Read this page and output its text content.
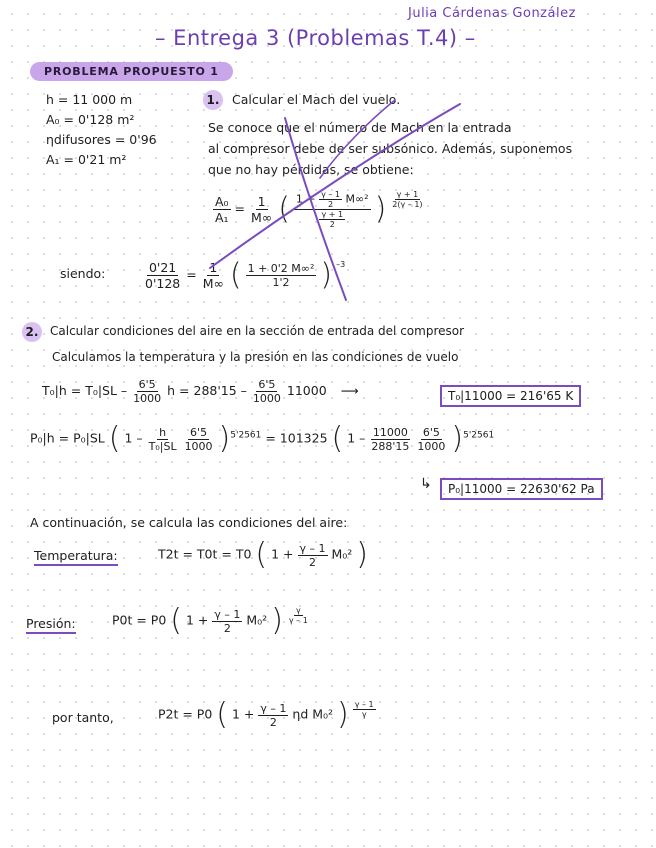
Julia Cárdenas González
– Entrega 3 (Problemas T.4) –
PROBLEMA PROPUESTO 1
h = 11 000 m
A₀ = 0'128 m²
ηdifusores = 0'96
A₁ = 0'21 m²
1. Calcular el Mach del vuelo.
Se conoce que el número de Mach en la entrada
al compresor debe de ser subsónico. Además, suponemos
que no hay pérdidas, se obtiene:
$\frac{\text{A₀}}{\text{A₁}} = \frac{1}{M\infty}$ ( $\frac{1 + \frac{\gamma - 1}{2} M\infty^2}{\frac{\gamma + 1}{2}}$ ) $\frac{\gamma + 1}{2(\gamma - 1)}$
siendo:	$\frac{0'21}{0'128} = \frac{1}{M\infty}$ ( $\frac{\text{1 + 0'2 M∞²}}{1'2}$ ) $^{-3}$
2. Calcular condiciones del aire en la sección de entrada del compresor
Calculamos la temperatura y la presión en las condiciones de vuelo
$T_0|h = T_0|SL - \frac{6'5}{1000}$ $h = 288'15 - \frac{6'5}{1000} 11000$ ⟶	T₀|11000 = 216'65 K
P₀|h = P₀|SL ( $1 - \frac{h}{\text{T₀|SL}}$
$\frac{6'5}{1000} )^{5'2561} = 101325$ ( $1 - \frac{11000}{288'15}$
$\frac{6'5}{1000} )^{5'2561}$
↳	P₀|11000 = 22630'62 Pa
A continuación, se calcula las condiciones del aire:
Temperatura:	T2t = T0t = T0 ( $1 + \frac{\gamma - 1}{2} M_0^2$ )
Presión:	P0t = P0 ( $1 + \frac{\gamma - 1}{2} M_0^2$ ) $\frac{\gamma}{\gamma - 1}$
por tanto,	P2t = P0 ( $1 + \frac{\gamma - 1}{2}$ ηd M₀² ) $\frac{\gamma - 1}{\gamma}$
